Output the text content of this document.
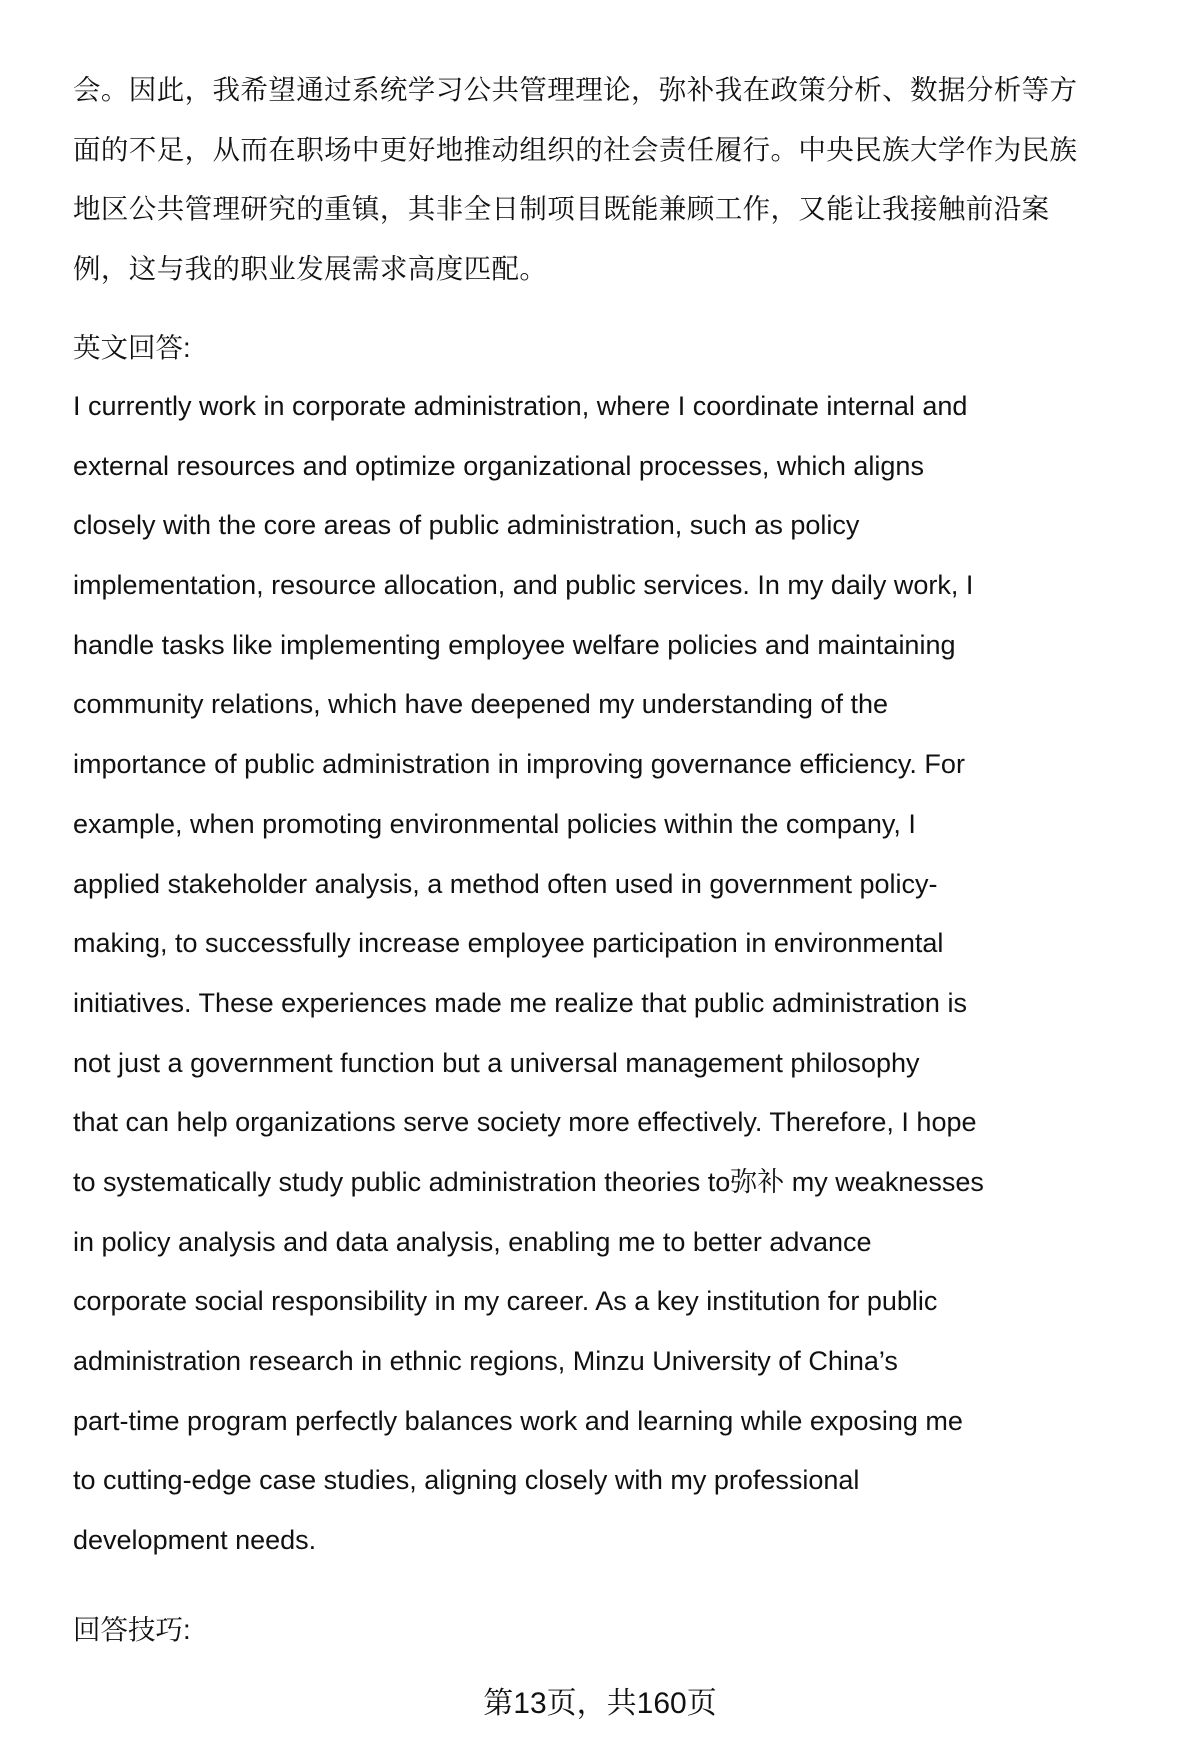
会。因此，我希望通过系统学习公共管理理论，弥补我在政策分析、数据分析等方
面的不足，从而在职场中更好地推动组织的社会责任履行。中央民族大学作为民族
地区公共管理研究的重镇，其非全日制项目既能兼顾工作，又能让我接触前沿案
例，这与我的职业发展需求高度匹配。
英文回答:
I currently work in corporate administration, where I coordinate internal and
external resources and optimize organizational processes, which aligns
closely with the core areas of public administration, such as policy
implementation, resource allocation, and public services. In my daily work, I
handle tasks like implementing employee welfare policies and maintaining
community relations, which have deepened my understanding of the
importance of public administration in improving governance efficiency. For
example, when promoting environmental policies within the company, I
applied stakeholder analysis, a method often used in government policy-
making, to successfully increase employee participation in environmental
initiatives. These experiences made me realize that public administration is
not just a government function but a universal management philosophy
that can help organizations serve society more effectively. Therefore, I hope
to systematically study public administration theories to弥补 my weaknesses
in policy analysis and data analysis, enabling me to better advance
corporate social responsibility in my career. As a key institution for public
administration research in ethnic regions, Minzu University of China’s
part-time program perfectly balances work and learning while exposing me
to cutting-edge case studies, aligning closely with my professional
development needs.
回答技巧:
第13页，共160页
